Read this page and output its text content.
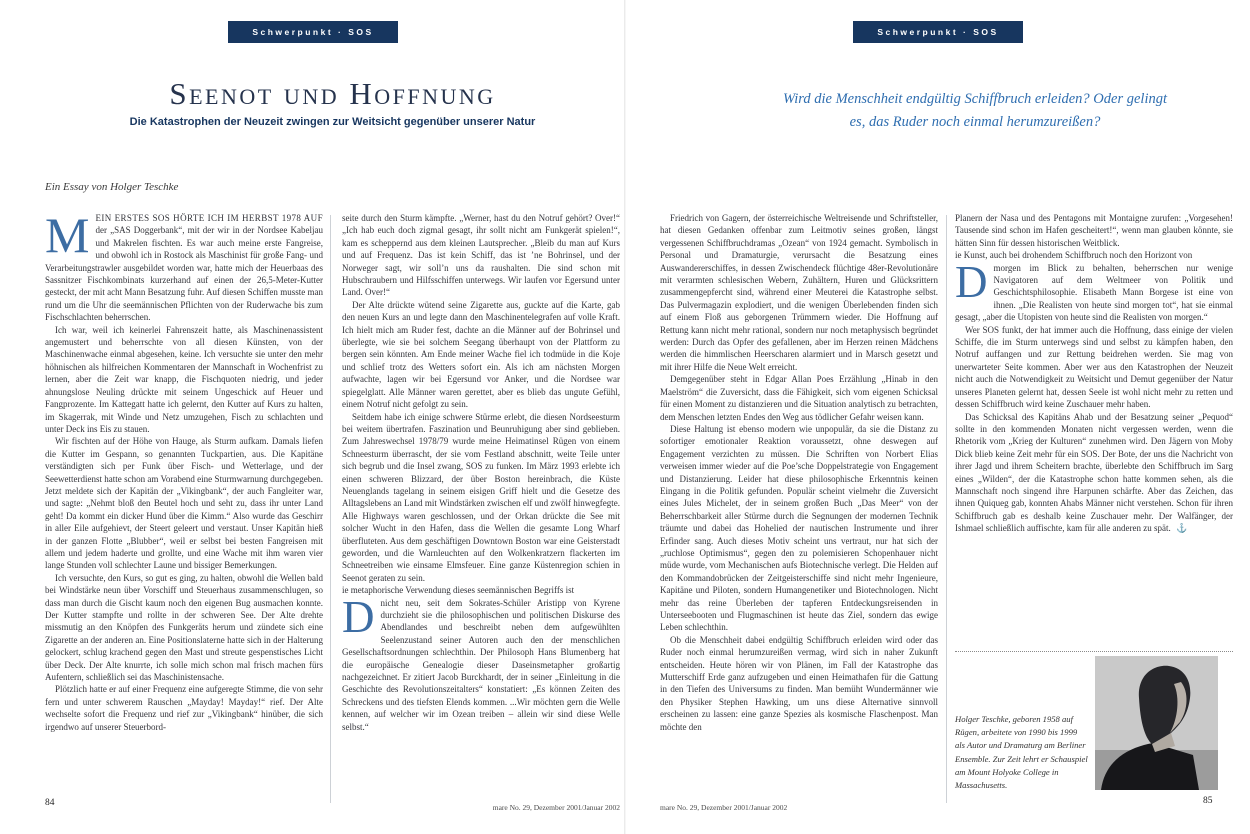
Schwerpunkt · SOS
Seenot und Hoffnung
Die Katastrophen der Neuzeit zwingen zur Weitsicht gegenüber unserer Natur
Ein Essay von Holger Teschke

MEIN ERSTES SOS HÖRTE ICH IM HERBST 1978 AUF der „SAS Doggerbank“, mit der wir in der Nordsee Kabeljau und Makrelen fischten. Es war auch meine erste Fangreise, und obwohl ich in Rostock als Maschinist für große Fang- und Verarbeitungstrawler ausgebildet worden war, hatte mich der Heuerbaas des Sassnitzer Fischkombinats kurzerhand auf einen der 26,5-Meter-Kutter gesteckt, der mit acht Mann Besatzung fuhr. Auf diesen Schiffen musste man rund um die Uhr die seemännischen Pflichten von der Ruderwache bis zum Fischschlachten beherrschen.

Ich war, weil ich keinerlei Fahrenszeit hatte, als Maschinenassistent angemustert und beherrschte von all diesen Künsten, von der Maschinenwache einmal abgesehen, keine. Ich versuchte sie unter den mehr höhnischen als hilfreichen Kommentaren der Mannschaft in Wochenfrist zu lernen, aber die Zeit war knapp, die Fischquoten niedrig, und jeder ahnungslose Neuling drückte mit seinem Ungeschick auf Heuer und Fangprozente. Im Kattegatt hatte ich gelernt, den Kutter auf Kurs zu halten, im Skagerrak, mit Winde und Netz umzugehen, Fisch zu schlachten und unter Deck ins Eis zu stauen.

Wir fischten auf der Höhe von Hauge, als Sturm aufkam. Damals liefen die Kutter im Gespann, so genannten Tuckpartien, aus. Die Kapitäne verständigten sich per Funk über Fisch- und Wetterlage, und der Seewetterdienst hatte schon am Vorabend eine Sturmwarnung durchgegeben. Jetzt meldete sich der Kapitän der „Vikingbank“, der auch Fangleiter war, und sagte: „Nehmt bloß den Beutel hoch und seht zu, dass ihr unter Land geht! Da kommt ein dicker Hund über die Kimm.“ Also wurde das Geschirr in aller Eile aufgehievt, der Steert geleert und verstaut. Unser Kapitän hieß in der ganzen Flotte „Blubber“, weil er selbst bei besten Fangreisen mit allem und jedem haderte und grollte, und eine Wache mit ihm waren vier lange Stunden voll schlechter Laune und bissiger Bemerkungen.

Ich versuchte, den Kurs, so gut es ging, zu halten, obwohl die Wellen bald bei Windstärke neun über Vorschiff und Steuerhaus zusammenschlugen, so dass man durch die Gischt kaum noch den eigenen Bug ausmachen konnte. Der Kutter stampfte und rollte in der schweren See. Der Alte drehte missmutig an den Knöpfen des Funkgeräts herum und zündete sich eine Zigarette an der anderen an. Eine Positionslaterne hatte sich in der Halterung gelockert, schlug krachend gegen den Mast und streute gespenstisches Licht über Deck. Der Alte knurrte, ich solle mich schon mal frisch machen fürs Aufentern, schließlich sei das Maschinistensache.

Plötzlich hatte er auf einer Frequenz eine aufgeregte Stimme, die von sehr fern und unter schwerem Rauschen „Mayday! Mayday!“ rief. Der Alte wechselte sofort die Frequenz und rief zur „Vikingbank“ hinüber, die sich irgendwo auf unserer Steuerbord-

seite durch den Sturm kämpfte. „Werner, hast du den Notruf gehört? Over!“ „Ich hab euch doch zigmal gesagt, ihr sollt nicht am Funkgerät spielen!“, kam es scheppernd aus dem kleinen Lautsprecher. „Bleib du man auf Kurs und auf Frequenz. Das ist kein Schiff, das ist ’ne Bohrinsel, und der Norweger sagt, wir soll’n uns da raushalten. Die sind schon mit Hubschraubern und Hilfsschiffen unterwegs. Wir laufen vor Egersund unter Land. Over!“

Der Alte drückte wütend seine Zigarette aus, guckte auf die Karte, gab den neuen Kurs an und legte dann den Maschinentelegrafen auf volle Kraft. Ich hielt mich am Ruder fest, dachte an die Männer auf der Bohrinsel und überlegte, wie sie bei solchem Seegang überhaupt von der Plattform zu bergen sein könnten. Am Ende meiner Wache fiel ich todmüde in die Koje und schlief trotz des Wetters sofort ein. Als ich am nächsten Morgen aufwachte, lagen wir bei Egersund vor Anker, und die Nordsee war spiegelglatt. Alle Männer waren gerettet, aber es blieb das ungute Gefühl, einem Notruf nicht gefolgt zu sein.

Seitdem habe ich einige schwere Stürme erlebt, die diesen Nordseesturm bei weitem übertrafen. Faszination und Beunruhigung aber sind geblieben. Zum Jahreswechsel 1978/79 wurde meine Heimatinsel Rügen von einem Schneesturm überrascht, der sie vom Festland abschnitt, weite Teile unter sich begrub und die Insel zwang, SOS zu funken. Im März 1993 erlebte ich einen schweren Blizzard, der über Boston hereinbrach, die Küste Neuenglands tagelang in seinem eisigen Griff hielt und die Gesetze des Alltagslebens an Land mit Windstärken zwischen elf und zwölf hinwegfegte. Alle Highways waren geschlossen, und der Orkan drückte die See mit solcher Wucht in den Hafen, dass die Wellen die gesamte Long Wharf überfluteten. Aus dem geschäftigen Downtown Boston war eine Geisterstadt geworden, und die Warnleuchten auf den Wolkenkratzern flackerten im Schneetreiben wie einsame Elmsfeuer. Eine ganze Küstenregion schien in Seenot geraten zu sein.

ie metaphorische Verwendung dieses seemännischen Begriffs ist
D nicht neu, seit dem Sokrates-Schüler Aristipp von Kyrene durchzieht sie die philosophischen und politischen Diskurse des Abendlandes und beschreibt neben dem aufgewühlten Seelenzustand seiner Autoren auch den der menschlichen Gesellschaftsordnungen schlechthin. Der Philosoph Hans Blumenberg hat die europäische Genealogie dieser Daseinsmetapher großartig nachgezeichnet. Er zitiert Jacob Burckhardt, der in seiner „Einleitung in die Geschichte des Revolutionszeitalters“ konstatiert: „Es können Zeiten des Schreckens und des tiefsten Elends kommen. ...Wir möchten gern die Welle kennen, auf welcher wir im Ozean treiben – allein wir sind diese Welle selbst.“

84	mare No. 29, Dezember 2001/Januar 2002
Schwerpunkt · SOS
Wird die Menschheit endgültig Schiffbruch erleiden? Oder gelingt es, das Ruder noch einmal herumzureißen?

Friedrich von Gagern, der österreichische Weltreisende und Schriftsteller, hat diesen Gedanken offenbar zum Leitmotiv seines großen, längst vergessenen Schiffbruchdramas „Ozean“ von 1924 gemacht. Symbolisch in Personal und Dramaturgie, verursacht die Besatzung eines Auswandererschiffes, in dessen Zwischendeck flüchtige 48er-Revolutionäre mit verarmten schlesischen Webern, Zuhältern, Huren und Glücksrittern zusammengepfercht sind, während einer Meuterei die Katastrophe selbst. Das Pulvermagazin explodiert, und die wenigen Überlebenden finden sich auf einem Floß aus geborgenen Trümmern wieder. Die Hoffnung auf Rettung kann nicht mehr rational, sondern nur noch metaphysisch begründet werden: Durch das Opfer des gefallenen, aber im Herzen reinen Mädchens werden die himmlischen Heerscharen alarmiert und in Marsch gesetzt und mit ihrer Hilfe die Neue Welt erreicht.

Demgegenüber steht in Edgar Allan Poes Erzählung „Hinab in den Maelström“ die Zuversicht, dass die Fähigkeit, sich vom eigenen Schicksal für einen Moment zu distanzieren und die Situation analytisch zu betrachten, dem Menschen letzten Endes den Weg aus tödlicher Gefahr weisen kann.

Diese Haltung ist ebenso modern wie unpopulär, da sie die Distanz zu sofortiger emotionaler Reaktion voraussetzt, ohne deswegen auf Engagement verzichten zu müssen. Die Schriften von Norbert Elias verweisen immer wieder auf die Poe’sche Doppelstrategie von Engagement und Distanzierung. Leider hat diese philosophische Erkenntnis keinen Eingang in die Politik gefunden. Populär scheint vielmehr die Zuversicht eines Jules Michelet, der in seinem großen Buch „Das Meer“ von der Beherrschbarkeit aller Stürme durch die Segnungen der modernen Technik träumte und dabei das Hohelied der nautischen Instrumente und ihrer Erfinder sang. Auch dieses Motiv scheint uns vertraut, nur hat sich der „ruchlose Optimismus“, gegen den zu polemisieren Schopenhauer nicht müde wurde, vom Mechanischen aufs Biotechnische verlegt. Die Helden auf den Kommandobrücken der Zeitgeisterschiffe sind nicht mehr Ingenieure, Kapitäne und Piloten, sondern Humangenetiker und Biotechnologen. Nicht mehr das reine Überleben der tapferen Entdeckungsreisenden in Unterseebooten und Flugmaschinen ist heute das Ziel, sondern das ewige Leben schlechthin.

Ob die Menschheit dabei endgültig Schiffbruch erleiden wird oder das Ruder noch einmal herumzureißen vermag, wird sich in naher Zukunft entscheiden. Heute hören wir von Plänen, im Fall der Katastrophe das Mutterschiff Erde ganz aufzugeben und einen Heimathafen für die Gattung in den Tiefen des Universums zu finden. Man bemüht Wundermänner wie den Physiker Stephen Hawking, um uns diese Alternative sinnvoll erscheinen zu lassen: eine ganze Spezies als kosmische Flaschenpost. Man möchte den

Planern der Nasa und des Pentagons mit Montaigne zurufen: „Vorgesehen! Tausende sind schon im Hafen gescheitert!“, wenn man glauben könnte, sie hätten Sinn für dessen historischen Weitblick.

ie Kunst, auch bei drohendem Schiffbruch noch den Horizont von
D morgen im Blick zu behalten, beherrschen nur wenige Navigatoren auf dem Weltmeer von Politik und Geschichtsphilosophie. Elisabeth Mann Borgese ist eine von ihnen. „Die Realisten von heute sind morgen tot“, hat sie einmal gesagt, „aber die Utopisten von heute sind die Realisten von morgen.“

Wer SOS funkt, der hat immer auch die Hoffnung, dass einige der vielen Schiffe, die im Sturm unterwegs sind und selbst zu kämpfen haben, den Notruf auffangen und zur Rettung beidrehen werden. Sie mag von unerwarteter Seite kommen. Aber wer aus den Katastrophen der Neuzeit nicht auch die Notwendigkeit zu Weitsicht und Demut gegenüber der Natur unseres Planeten gelernt hat, dessen Seele ist wohl nicht mehr zu retten und dessen Schiffbruch wird keine Zuschauer mehr haben.

Das Schicksal des Kapitäns Ahab und der Besatzung seiner „Pequod“ sollte in den kommenden Monaten nicht vergessen werden, wenn die Rhetorik vom „Krieg der Kulturen“ zunehmen wird. Den Jägern von Moby Dick blieb keine Zeit mehr für ein SOS. Der Bote, der uns die Nachricht von ihrer Jagd und ihrem Scheitern brachte, überlebte den Schiffbruch im Sarg eines „Wilden“, der die Katastrophe schon hatte kommen sehen, als die Mannschaft noch singend ihre Harpunen schärfte. Aber das Zeichen, das ihnen Quiqueg gab, konnten Ahabs Männer nicht verstehen. Schon für ihren Schiffbruch gab es deshalb keine Zuschauer mehr. Der Walfänger, der Ishmael schließlich auffischte, kam für alle anderen zu spät. ⚓

Holger Teschke, geboren 1958 auf Rügen, arbeitete von 1990 bis 1999 als Autor und Dramaturg am Berliner Ensemble. Zur Zeit lehrt er Schauspiel am Mount Holyoke College in Massachusetts.
85
mare No. 29, Dezember 2001/Januar 2002
